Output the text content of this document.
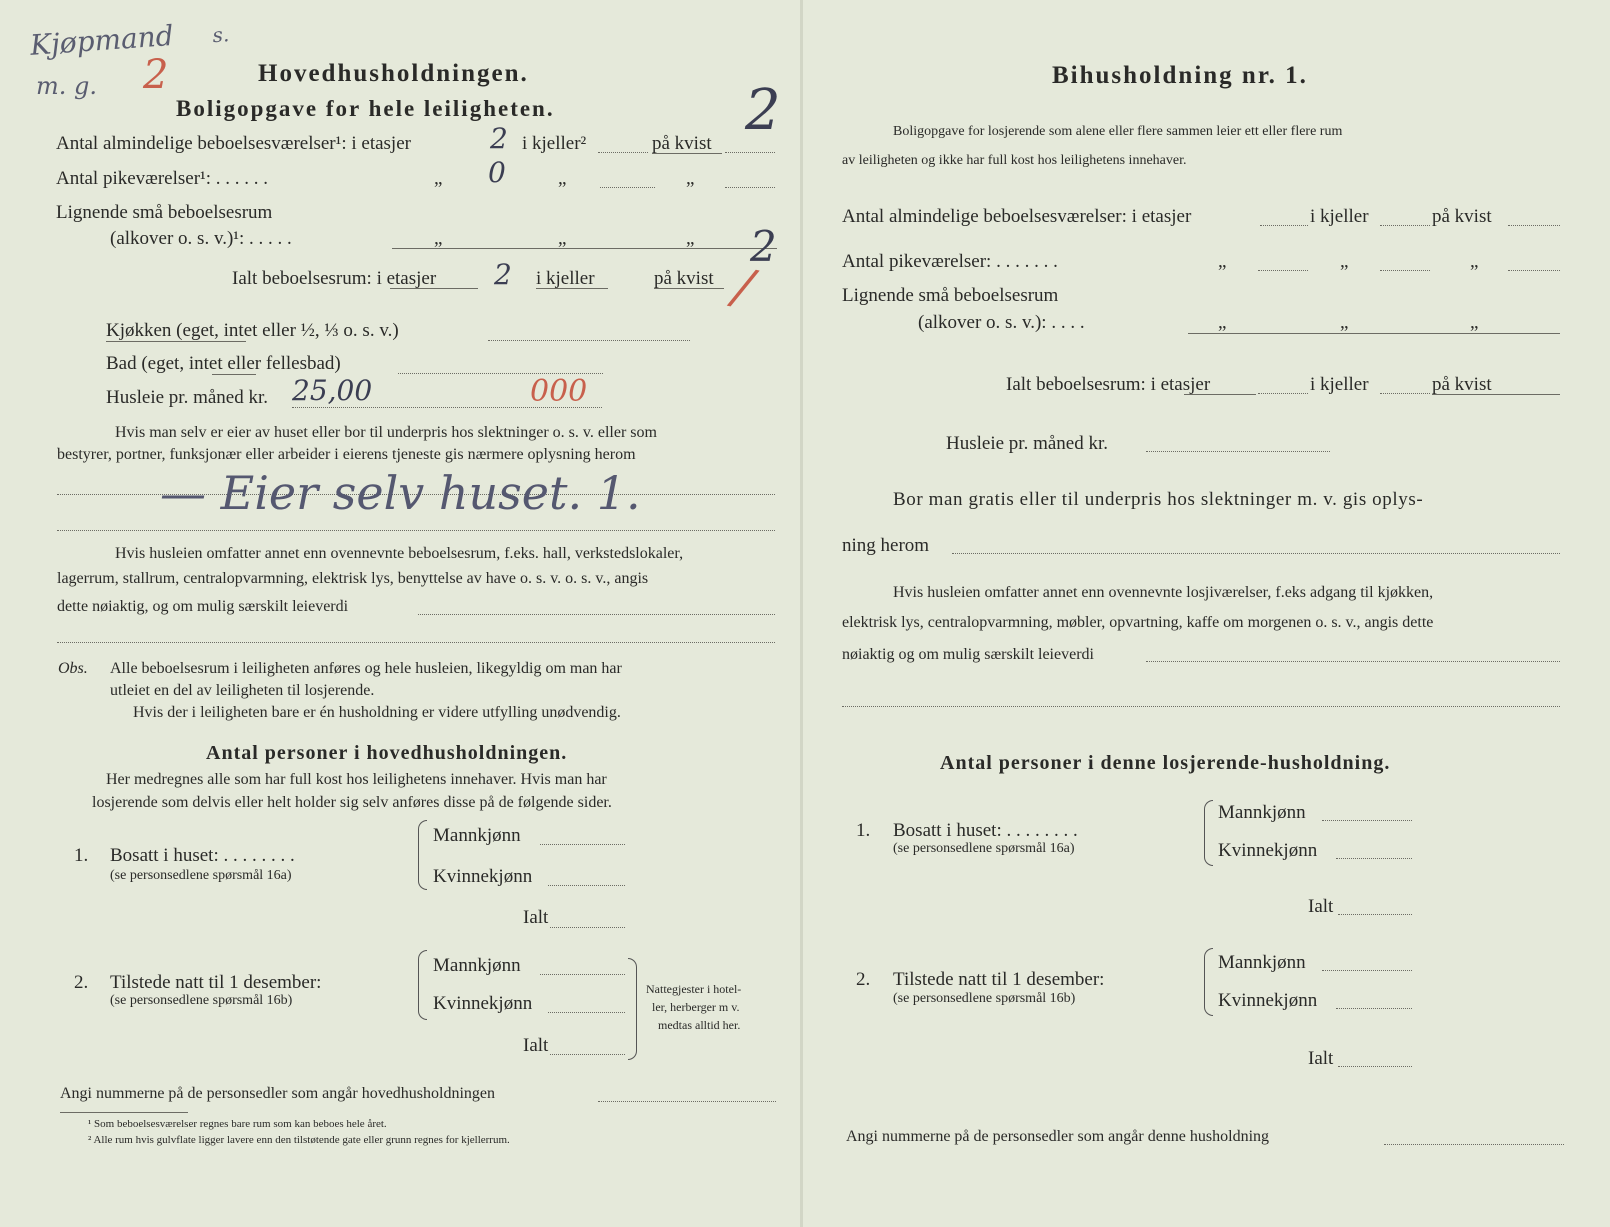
Kjøpmand s.
m. g. 2	Hovedhusholdningen.
Boligopgave for hele leiligheten.	2
Antal almindelige beboelsesværelser¹: i etasjer	2 i kjeller²	på kvist
Antal pikeværelser¹: . . . . . .	„ 0	„	„
Lignende små beboelsesrum
(alkover o. s. v.)¹: . . . . .	„	„	„ 2
Ialt beboelsesrum: i etasjer 2 i kjeller	på kvist /
Kjøkken (eget, intet eller ½, ⅓ o. s. v.)
Bad (eget, intet eller fellesbad)
Husleie pr. måned kr. 25,00	000
Hvis man selv er eier av huset eller bor til underpris hos slektninger o. s. v. eller som
bestyrer, portner, funksjonær eller arbeider i eierens tjeneste gis nærmere oplysning herom
— Eier selv huset. 1.
Hvis husleien omfatter annet enn ovennevnte beboelsesrum, f.eks. hall, verkstedslokaler,
lagerrum, stallrum, centralopvarmning, elektrisk lys, benyttelse av have o. s. v. o. s. v., angis
dette nøiaktig, og om mulig særskilt leieverdi
Obs. Alle beboelsesrum i leiligheten anføres og hele husleien, likegyldig om man har
utleiet en del av leiligheten til losjerende.
Hvis der i leiligheten bare er én husholdning er videre utfylling unødvendig.
Antal personer i hovedhusholdningen.
Her medregnes alle som har full kost hos leilighetens innehaver. Hvis man har
losjerende som delvis eller helt holder sig selv anføres disse på de følgende sider.
1. Bosatt i huset: . . . . . . . .
(se personsedlene spørsmål 16a)
Mannkjønn
Kvinnekjønn
Ialt
2. Tilstede natt til 1 desember:
(se personsedlene spørsmål 16b)
Mannkjønn
Kvinnekjønn
Ialt
Nattegjester i hotel-
ler, herberger m v.
medtas alltid her.
Angi nummerne på de personsedler som angår hovedhusholdningen
¹ Som beboelsesværelser regnes bare rum som kan beboes hele året.
² Alle rum hvis gulvflate ligger lavere enn den tilstøtende gate eller grunn regnes for kjellerrum.
Bihusholdning nr. 1.
Boligopgave for losjerende som alene eller flere sammen leier ett eller flere rum
av leiligheten og ikke har full kost hos leilighetens innehaver.
Antal almindelige beboelsesværelser: i etasjer	i kjeller	på kvist
Antal pikeværelser: . . . . . . .	„	„	„
Lignende små beboelsesrum
(alkover o. s. v.): . . . .	„	„	„
Ialt beboelsesrum: i etasjer	i kjeller	på kvist
Husleie pr. måned kr.
Bor man gratis eller til underpris hos slektninger m. v. gis oplys-
ning herom
Hvis husleien omfatter annet enn ovennevnte losjiværelser, f.eks adgang til kjøkken,
elektrisk lys, centralopvarmning, møbler, opvartning, kaffe om morgenen o. s. v., angis dette
nøiaktig og om mulig særskilt leieverdi
Antal personer i denne losjerende-husholdning.
1. Bosatt i huset: . . . . . . . .
(se personsedlene spørsmål 16a)
Mannkjønn
Kvinnekjønn
Ialt
2. Tilstede natt til 1 desember:
(se personsedlene spørsmål 16b)
Mannkjønn
Kvinnekjønn
Ialt
Angi nummerne på de personsedler som angår denne husholdning
